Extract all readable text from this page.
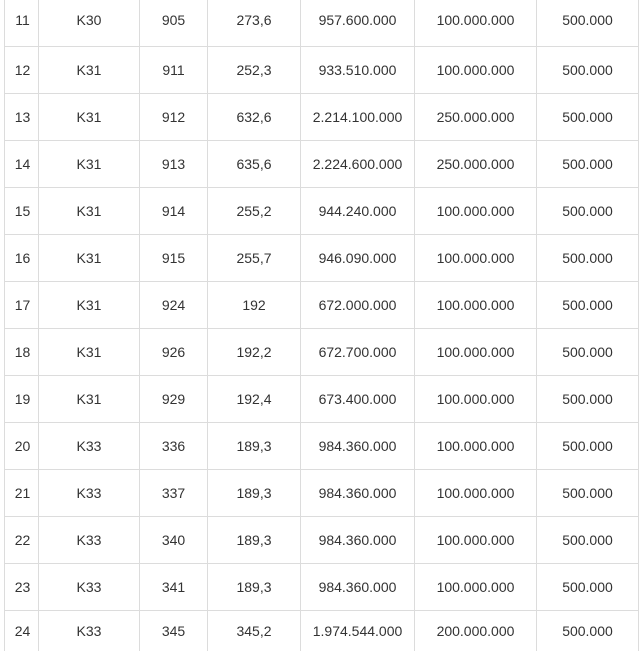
11	K30	905	273,6	957.600.000	100.000.000	500.000
12	K31	911	252,3	933.510.000	100.000.000	500.000
13	K31	912	632,6	2.214.100.000	250.000.000	500.000
14	K31	913	635,6	2.224.600.000	250.000.000	500.000
15	K31	914	255,2	944.240.000	100.000.000	500.000
16	K31	915	255,7	946.090.000	100.000.000	500.000
17	K31	924	192	672.000.000	100.000.000	500.000
18	K31	926	192,2	672.700.000	100.000.000	500.000
19	K31	929	192,4	673.400.000	100.000.000	500.000
20	K33	336	189,3	984.360.000	100.000.000	500.000
21	K33	337	189,3	984.360.000	100.000.000	500.000
22	K33	340	189,3	984.360.000	100.000.000	500.000
23	K33	341	189,3	984.360.000	100.000.000	500.000
24	K33	345	345,2	1.974.544.000	200.000.000	500.000
